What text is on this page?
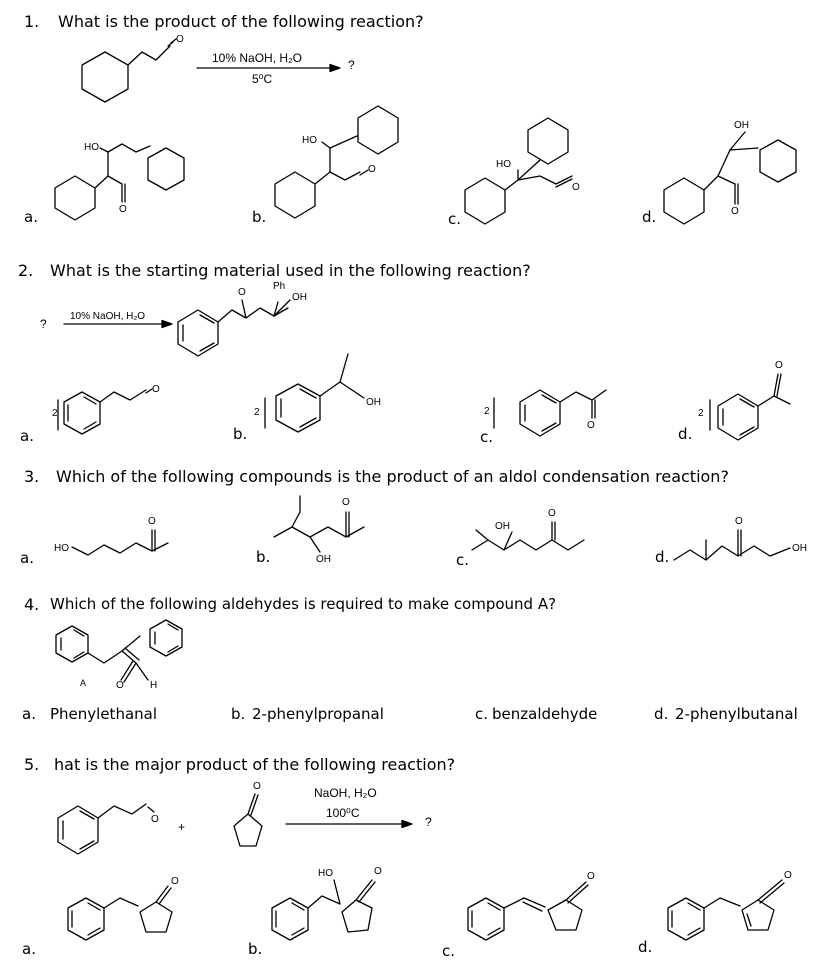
1. What is the product of the following reaction?
10% NaOH, H₂O
5⁰C
?
a.	b.	c.	d.
2. What is the starting material used in the following reaction?
?
10% NaOH, H₂O
a.	b.	c.	d.
3. Which of the following compounds is the product of an aldol condensation reaction?
a.	b.	c.	d.
4. Which of the following aldehydes is required to make compound A?
A
a. Phenylethanal	b. 2-phenylpropanal	c. benzaldehyde	d. 2-phenylbutanal
5. hat is the major product of the following reaction?
+
NaOH, H₂O
100⁰C
?
a.	b.	c.	d.
O
O
HO
O
HO
HO
O
O
OH
O
Ph
OH
2
O
2
OH
2
O
2
O
HO
O
OH
O
OH
O
O
OH
O	H
O
O
O
HO	O	O	O
